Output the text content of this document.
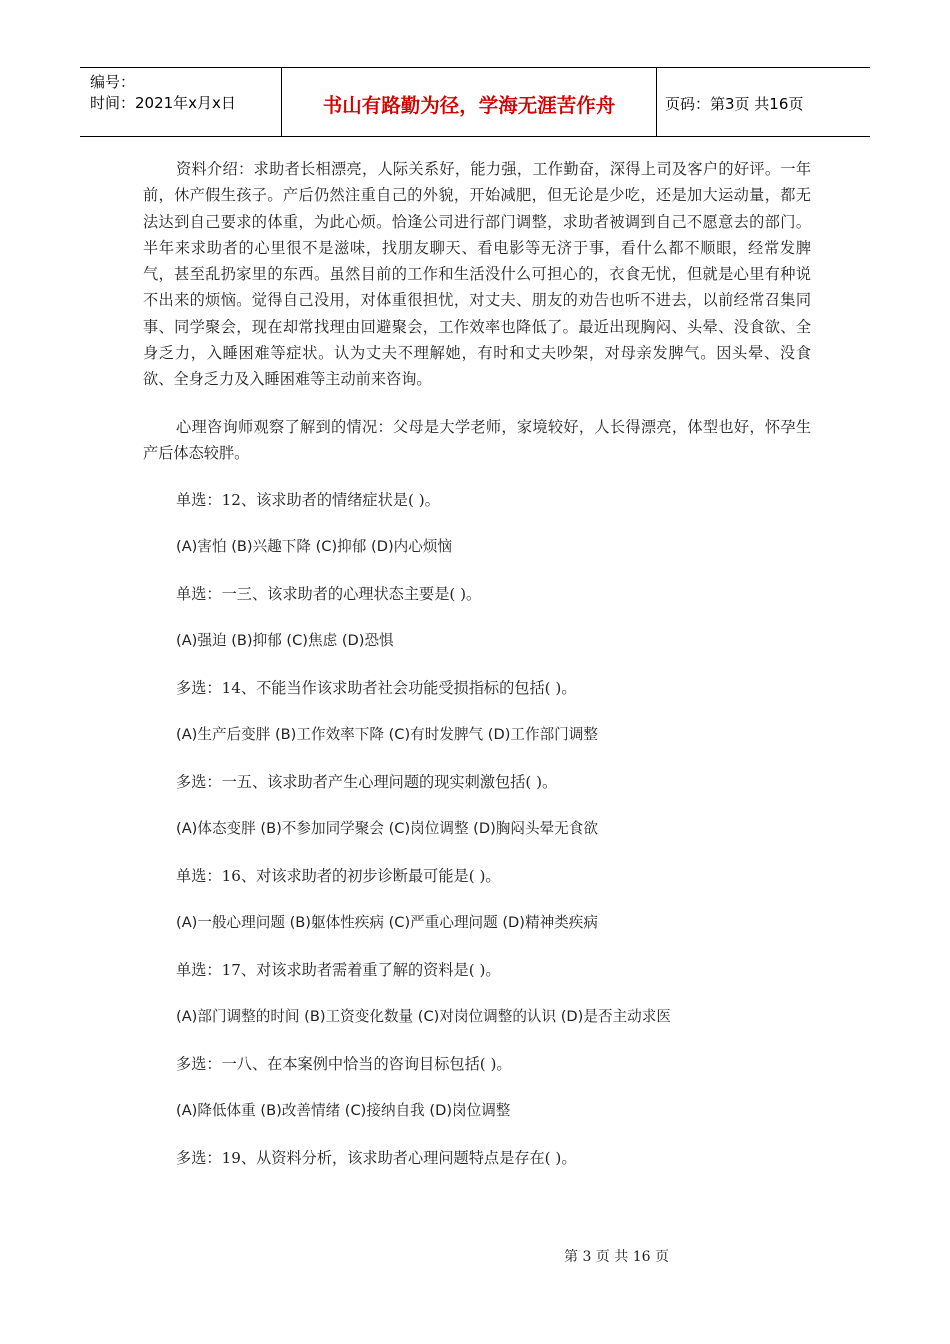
编号：
时间：2021年x月x日	书山有路勤为径，学海无涯苦作舟	页码：第3页 共16页

资料介绍：求助者长相漂亮，人际关系好，能力强，工作勤奋，深得上司及客户的好评。一年前，休产假生孩子。产后仍然注重自己的外貌，开始减肥，但无论是少吃，还是加大运动量，都无法达到自己要求的体重，为此心烦。恰逢公司进行部门调整，求助者被调到自己不愿意去的部门。半年来求助者的心里很不是滋味，找朋友聊天、看电影等无济于事，看什么都不顺眼，经常发脾气，甚至乱扔家里的东西。虽然目前的工作和生活没什么可担心的，衣食无忧，但就是心里有种说不出来的烦恼。觉得自己没用，对体重很担忧，对丈夫、朋友的劝告也听不进去，以前经常召集同事、同学聚会，现在却常找理由回避聚会，工作效率也降低了。最近出现胸闷、头晕、没食欲、全身乏力，入睡困难等症状。认为丈夫不理解她，有时和丈夫吵架，对母亲发脾气。因头晕、没食欲、全身乏力及入睡困难等主动前来咨询。

心理咨询师观察了解到的情况：父母是大学老师，家境较好，人长得漂亮，体型也好，怀孕生产后体态较胖。

单选：12、该求助者的情绪症状是( )。

(A)害怕 (B)兴趣下降 (C)抑郁 (D)内心烦恼

单选：一三、该求助者的心理状态主要是( )。

(A)强迫 (B)抑郁 (C)焦虑 (D)恐惧

多选：14、不能当作该求助者社会功能受损指标的包括( )。

(A)生产后变胖 (B)工作效率下降 (C)有时发脾气 (D)工作部门调整

多选：一五、该求助者产生心理问题的现实刺激包括( )。

(A)体态变胖 (B)不参加同学聚会 (C)岗位调整 (D)胸闷头晕无食欲

单选：16、对该求助者的初步诊断最可能是( )。

(A)一般心理问题 (B)躯体性疾病 (C)严重心理问题 (D)精神类疾病

单选：17、对该求助者需着重了解的资料是( )。

(A)部门调整的时间 (B)工资变化数量 (C)对岗位调整的认识 (D)是否主动求医

多选：一八、在本案例中恰当的咨询目标包括( )。

(A)降低体重 (B)改善情绪 (C)接纳自我 (D)岗位调整

多选：19、从资料分析，该求助者心理问题特点是存在( )。

第 3 页 共 16 页
